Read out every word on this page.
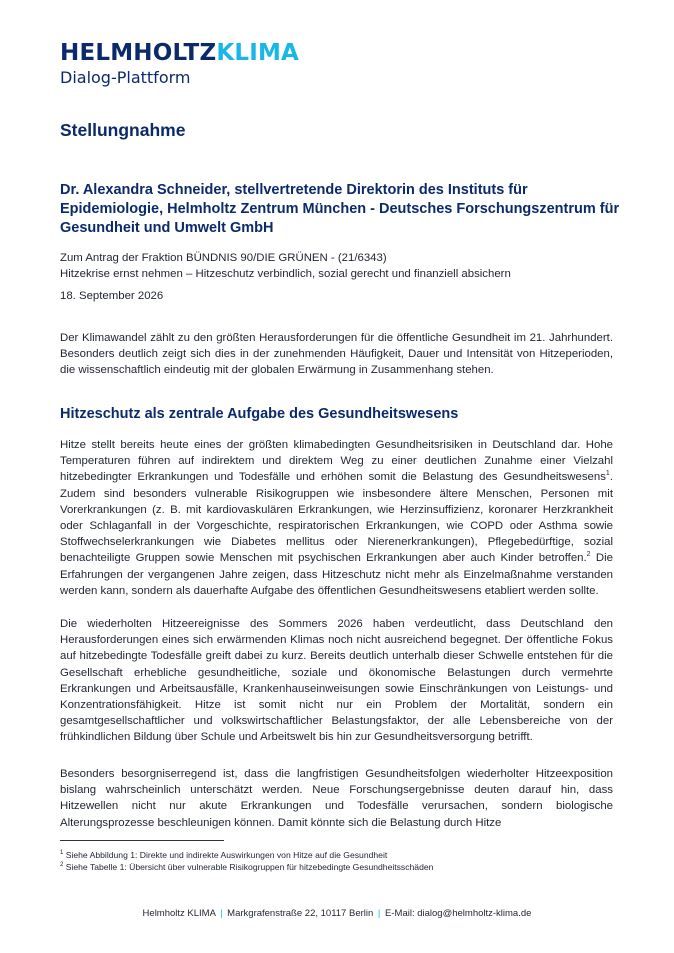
HELMHOLTZKLIMA
Dialog-Plattform
Stellungnahme
Dr. Alexandra Schneider, stellvertretende Direktorin des Instituts für Epidemiologie, Helmholtz Zentrum München - Deutsches Forschungszentrum für Gesundheit und Umwelt GmbH
Zum Antrag der Fraktion BÜNDNIS 90/DIE GRÜNEN - (21/6343)
Hitzekrise ernst nehmen – Hitzeschutz verbindlich, sozial gerecht und finanziell absichern
18. September 2026

Der Klimawandel zählt zu den größten Herausforderungen für die öffentliche Gesundheit im 21. Jahrhundert. Besonders deutlich zeigt sich dies in der zunehmenden Häufigkeit, Dauer und Intensität von Hitzeperioden, die wissenschaftlich eindeutig mit der globalen Erwärmung in Zusammenhang stehen.

Hitzeschutz als zentrale Aufgabe des Gesundheitswesens

Hitze stellt bereits heute eines der größten klimabedingten Gesundheitsrisiken in Deutschland dar. Hohe Temperaturen führen auf indirektem und direktem Weg zu einer deutlichen Zunahme einer Vielzahl hitzebedingter Erkrankungen und Todesfälle und erhöhen somit die Belastung des Gesundheitswesens$^1$. Zudem sind besonders vulnerable Risikogruppen wie insbesondere ältere Menschen, Personen mit Vorerkrankungen (z. B. mit kardiovaskulären Erkrankungen, wie Herzinsuffizienz, koronarer Herzkrankheit oder Schlaganfall in der Vorgeschichte, respiratorischen Erkrankungen, wie COPD oder Asthma sowie Stoffwechselerkrankungen wie Diabetes mellitus oder Nierenerkrankungen), Pflegebedürftige, sozial benachteiligte Gruppen sowie Menschen mit psychischen Erkrankungen aber auch Kinder betroffen.$^2$ Die Erfahrungen der vergangenen Jahre zeigen, dass Hitzeschutz nicht mehr als Einzelmaßnahme verstanden werden kann, sondern als dauerhafte Aufgabe des öffentlichen Gesundheitswesens etabliert werden sollte.

Die wiederholten Hitzeereignisse des Sommers 2026 haben verdeutlicht, dass Deutschland den Herausforderungen eines sich erwärmenden Klimas noch nicht ausreichend begegnet. Der öffentliche Fokus auf hitzebedingte Todesfälle greift dabei zu kurz. Bereits deutlich unterhalb dieser Schwelle entstehen für die Gesellschaft erhebliche gesundheitliche, soziale und ökonomische Belastungen durch vermehrte Erkrankungen und Arbeitsausfälle, Krankenhauseinweisungen sowie Einschränkungen von Leistungs- und Konzentrationsfähigkeit. Hitze ist somit nicht nur ein Problem der Mortalität, sondern ein gesamtgesellschaftlicher und volkswirtschaftlicher Belastungsfaktor, der alle Lebensbereiche von der frühkindlichen Bildung über Schule und Arbeitswelt bis hin zur Gesundheitsversorgung betrifft.

Besonders besorgniserregend ist, dass die langfristigen Gesundheitsfolgen wiederholter Hitzeexposition bislang wahrscheinlich unterschätzt werden. Neue Forschungsergebnisse deuten darauf hin, dass Hitzewellen nicht nur akute Erkrankungen und Todesfälle verursachen, sondern biologische Alterungsprozesse beschleunigen können. Damit könnte sich die Belastung durch Hitze

$^1$ Siehe Abbildung 1: Direkte und indirekte Auswirkungen von Hitze auf die Gesundheit
$^2$ Siehe Tabelle 1: Übersicht über vulnerable Risikogruppen für hitzebedingte Gesundheitsschäden
Helmholtz KLIMA | Markgrafenstraße 22, 10117 Berlin | E-Mail: dialog@helmholtz-klima.de
